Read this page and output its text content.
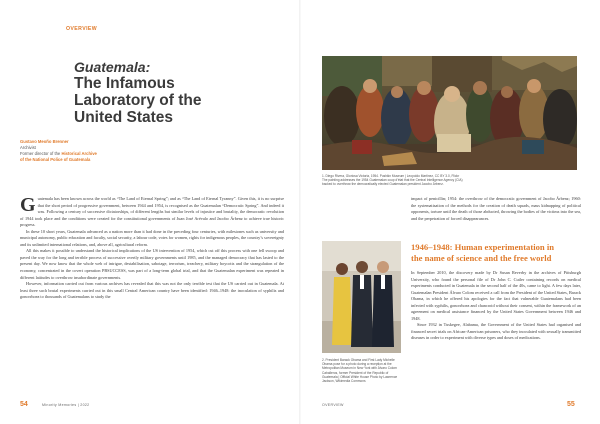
OVERVIEW
Guatemala:
The Infamous
Laboratory of the
United States
Gustavo Meoño Brenner
Archivist
Former director of the Historical Archive
of the National Police of Guatemala

Guatemala has been known across the world as “The Land of Eternal Spring”; and as “The Land of Eternal Tyranny”. Given this, it is no surprise that the short period of progressive government, between 1944 and 1954, is recognised as the Guatemalan “Democratic Spring”. And indeed it was. Following a century of successive dictatorships, of different lengths but similar levels of injustice and brutality, the democratic revolution of 1944 took place and the conditions were created for the constitutional governments of Juan José Arévalo and Jacobo Árbenz to achieve true historic progress.

In these 10 short years, Guatemala advanced as a nation more than it had done in the preceding four centuries, with milestones such as university and municipal autonomy, public education and faculty, social security, a labour code, votes for women, rights for indigenous peoples, the country’s sovereignty and its unlimited international relations, and, above all, agricultural reform.

All this makes it possible to understand the historical implications of the US intervention of 1954, which cut off this process with one fell swoop and paved the way for the long and terrible process of successive overtly military governments until 1985, and the managed democracy that has lasted to the present day. We now know that the whole web of intrigue, destabilisation, sabotage, terrorism, treachery, military boycotts and the strangulation of the economy, concentrated in the covert operation PBSUCCESS, was part of a long-term global trial, and that the Guatemalan experiment was repeated in different latitudes to overthrow insubordinate governments.

However, information carried out from various archives has revealed that this was not the only terrible test that the US carried out in Guatemala. At least three such brutal experiments carried out in this small Central American country have been identified: 1946–1948: the inoculation of syphilis and gonorrhoea to thousands of Guatemalans to study the

54	Minority Memories | 2022
1. Diego Rivera, Gloriosa Victoria, 1954. Pushkin Museum | Leopoldo Martinez, CC BY 3.0, Flickr
The painting addresses the 1954 Guatemalan coup d’état that the Central Intelligence Agency (CIA)
backed to overthrow the democratically elected Guatemalan president Jacobo Árbenz.

impact of penicillin; 1954: the overthrow of the democratic government of Jacobo Árbenz; 1960: the systematisation of the methods for the creation of death squads, mass kidnapping of political opponents, torture until the death of those abducted, throwing the bodies of the victims into the sea, and the perpetration of forced disappearances.

2. President Barack Obama and First Lady Michelle Obama pose for a photo during a reception at the Metropolitan Museum in New York with Álvaro Colom Caballeros, former President of the Republic of Guatemala | Official White House Photo by Lawrence Jackson, Wikimedia Commons
1946–1948: Human experimentation in
the name of science and the free world

In September 2010, the discovery made by Dr Susan Reverby in the archives of Pittsburgh University, who found the personal file of Dr John C. Cutler containing records on medical experiments conducted in Guatemala in the second half of the 40s, came to light. A few days later, Guatemalan President Álvaro Colom received a call from the President of the United States, Barack Obama, in which he offered his apologies for the fact that vulnerable Guatemalans had been infected with syphilis, gonorrhoea and chancroid without their consent, within the framework of an agreement on medical assistance financed by the United States Government between 1946 and 1948.

Since 1932 in Tuskegee, Alabama, the Government of the United States had organised and financed secret trials on African-American prisoners, who they inoculated with sexually transmitted diseases in order to experiment with diverse types and doses of medications.

OVERVIEW	55
